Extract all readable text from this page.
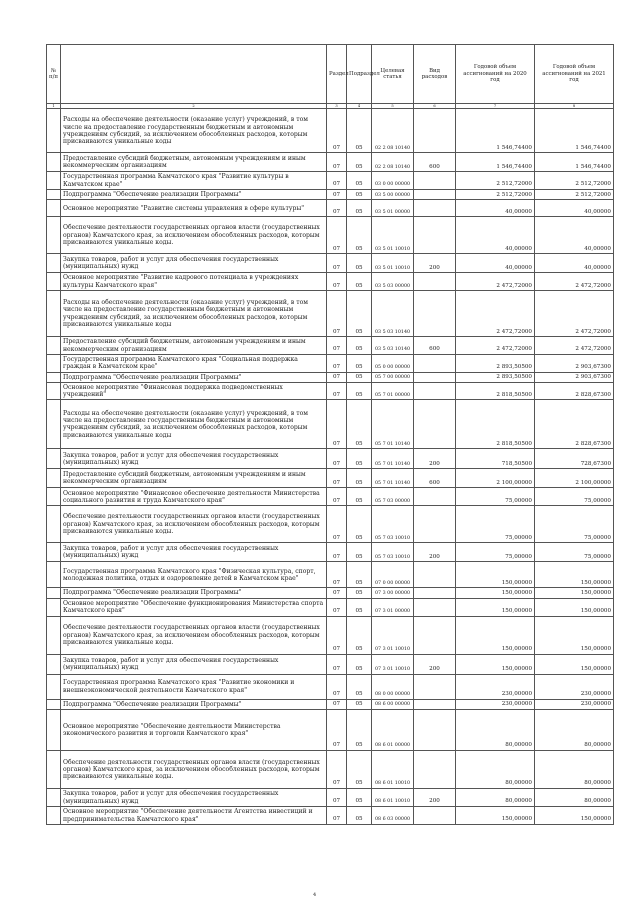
№ п/п		Раздел	Подраздел	Целевая статья	Вид расходов	Годовой объем ассигнований на 2020 год	Годовой объем ассигнований на 2021 год
1	2	3	4	5	6	7	8
	Расходы на обеспечение деятельности (оказание услуг) учреждений, в том числе на предоставление государственным бюджетным и автономным учреждениям субсидий, за исключением обособленных расходов, которым присваиваются уникальные коды	07	05	02 2 08 10140		1 546,74400	1 546,74400
	Предоставление субсидий бюджетным, автономным учреждениям и иным некоммерческим организациям	07	05	02 2 08 10140	600	1 546,74400	1 546,74400
	Государственная программа Камчатского края "Развитие культуры в Камчатском крае"	07	05	03 0 00 00000		2 512,72000	2 512,72000
	Подпрограмма "Обеспечение реализации Программы"	07	05	03 5 00 00000		2 512,72000	2 512,72000
	Основное мероприятие "Развитие системы управления в сфере культуры"	07	05	03 5 01 00000		40,00000	40,00000
	Обеспечение деятельности государственных органов власти (государственных органов) Камчатского края, за исключением обособленных расходов, которым присваиваются уникальные коды.	07	05	03 5 01 10010		40,00000	40,00000
	Закупка товаров, работ и услуг для обеспечения государственных (муниципальных) нужд	07	05	03 5 01 10010	200	40,00000	40,00000
	Основное мероприятие "Развитие кадрового потенциала в учреждениях культуры Камчатского края"	07	05	03 5 03 00000		2 472,72000	2 472,72000
	Расходы на обеспечение деятельности (оказание услуг) учреждений, в том числе на предоставление государственным бюджетным и автономным учреждениям субсидий, за исключением обособленных расходов, которым присваиваются уникальные коды	07	05	03 5 03 10140		2 472,72000	2 472,72000
	Предоставление субсидий бюджетным, автономным учреждениям и иным некоммерческим организациям	07	05	03 5 03 10140	600	2 472,72000	2 472,72000
	Государственная программа Камчатского края "Социальная поддержка граждан в Камчатском крае"	07	05	05 0 00 00000		2 893,50500	2 903,67300
	Подпрограмма "Обеспечение реализации Программы"	07	05	05 7 00 00000		2 893,50500	2 903,67300
	Основное мероприятие "Финансовая поддержка подведомственных учреждений"	07	05	05 7 01 00000		2 818,50500	2 828,67300
	Расходы на обеспечение деятельности (оказание услуг) учреждений, в том числе на предоставление государственным бюджетным и автономным учреждениям субсидий, за исключением обособленных расходов, которым присваиваются уникальные коды	07	05	05 7 01 10140		2 818,50500	2 828,67300
	Закупка товаров, работ и услуг для обеспечения государственных (муниципальных) нужд	07	05	05 7 01 10140	200	718,50500	728,67300
	Предоставление субсидий бюджетным, автономным учреждениям и иным некоммерческим организациям	07	05	05 7 01 10140	600	2 100,00000	2 100,00000
	Основное мероприятие "Финансовое обеспечение деятельности Министерства социального развития и труда Камчатского края"	07	05	05 7 03 00000		75,00000	75,00000
	Обеспечение деятельности государственных органов власти (государственных органов) Камчатского края, за исключением обособленных расходов, которым присваиваются уникальные коды.	07	05	05 7 03 10010		75,00000	75,00000
	Закупка товаров, работ и услуг для обеспечения государственных (муниципальных) нужд	07	05	05 7 03 10010	200	75,00000	75,00000
	Государственная программа Камчатского края "Физическая культура, спорт, молодежная политика, отдых и оздоровление детей в Камчатском крае"	07	05	07 0 00 00000		150,00000	150,00000
	Подпрограмма "Обеспечение реализации Программы"	07	05	07 3 00 00000		150,00000	150,00000
	Основное мероприятие "Обеспечение функционирования Министерства спорта Камчатского края"	07	05	07 3 01 00000		150,00000	150,00000
	Обеспечение деятельности государственных органов власти (государственных органов) Камчатского края, за исключением обособленных расходов, которым присваиваются уникальные коды.	07	05	07 3 01 10010		150,00000	150,00000
	Закупка товаров, работ и услуг для обеспечения государственных (муниципальных) нужд	07	05	07 3 01 10010	200	150,00000	150,00000
	Государственная программа Камчатского края "Развитие экономики и внешнеэкономической деятельности Камчатского края"	07	05	08 0 00 00000		230,00000	230,00000
	Подпрограмма "Обеспечение реализации Программы"	07	05	08 6 00 00000		230,00000	230,00000
	Основное мероприятие "Обеспечение деятельности Министерства экономического развития и торговли Камчатского края"	07	05	08 6 01 00000		80,00000	80,00000
	Обеспечение деятельности государственных органов власти (государственных органов) Камчатского края, за исключением обособленных расходов, которым присваиваются уникальные коды.	07	05	08 6 01 10010		80,00000	80,00000
	Закупка товаров, работ и услуг для обеспечения государственных (муниципальных) нужд	07	05	08 6 01 10010	200	80,00000	80,00000
	Основное мероприятие "Обеспечение деятельности Агентства инвестиций и предпринимательства Камчатского края"	07	05	08 6 03 00000		150,00000	150,00000
4
